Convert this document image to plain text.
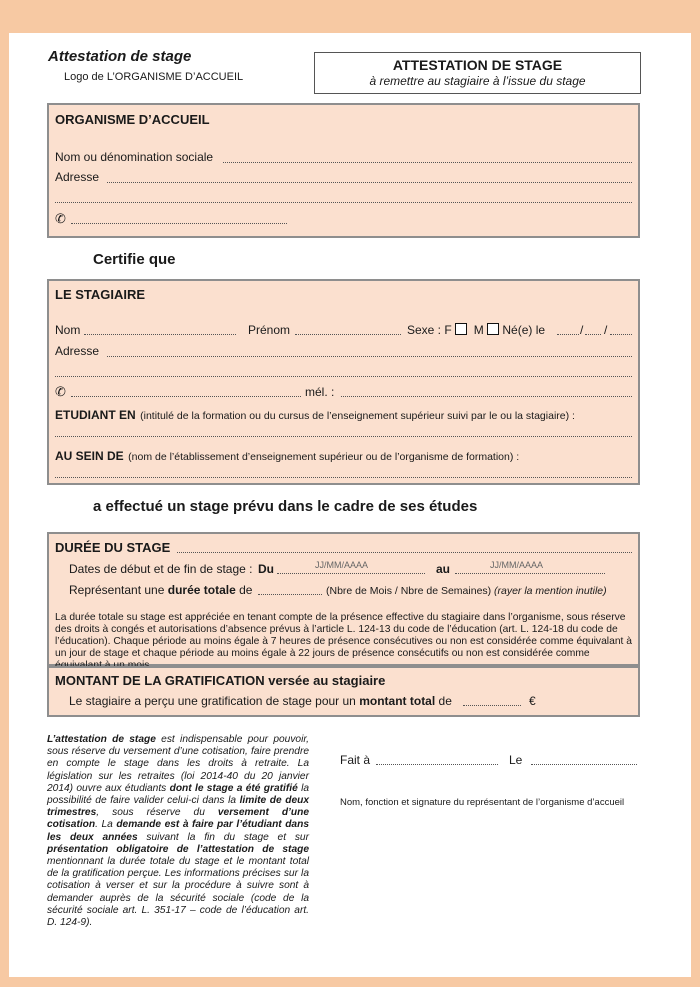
Attestation de stage
Logo de L’ORGANISME D’ACCUEIL
ATTESTATION DE STAGE
à remettre au stagiaire à l’issue du stage
ORGANISME D’ACCUEIL
Nom ou dénomination sociale
Adresse
✆
Certifie que
LE STAGIAIRE
Nom	Prénom	Sexe : F M Né(e) le	/ /
Adresse
✆	mél. :
ETUDIANT EN (intitulé de la formation ou du cursus de l’enseignement supérieur suivi par le ou la stagiaire) :
AU SEIN DE (nom de l’établissement d’enseignement supérieur ou de l’organisme de formation) :
a effectué un stage prévu dans le cadre de ses études
DURÉE DU STAGE
Dates de début et de fin de stage : Du	JJ/MM/AAAA	au	JJ/MM/AAAA
Représentant une durée totale de	(Nbre de Mois / Nbre de Semaines) (rayer la mention inutile)
La durée totale su stage est appréciée en tenant compte de la présence effective du stagiaire dans l’organisme, sous réserve des droits à congés et autorisations d’absence prévus à l’article L. 124-13 du code de l’éducation (art. L. 124-18 du code de l’éducation). Chaque période au moins égale à 7 heures de présence consécutives ou non est considérée comme équivalant à un jour de stage et chaque période au moins égale à 22 jours de présence consécutifs ou non est considérée comme
MONTANT DE LA GRATIFICATION versée au stagiaire
Le stagiaire a perçu une gratification de stage pour un montant total de	€
L’attestation de stage est indispensable pour pouvoir, sous réserve du versement d’une cotisation, faire prendre en compte le stage dans les droits à retraite. La législation sur les retraites (loi 2014-40 du 20 janvier 2014) ouvre aux étudiants dont le stage a été gratifié la possibilité de faire valider celui-ci dans la limite de deux trimestres, sous réserve du versement d’une cotisation. La demande est à faire par l’étudiant dans les deux années suivant la fin du stage et sur présentation obligatoire de l’attestation de stage mentionnant la durée totale du stage et le montant total de la gratification perçue. Les informations précises sur la cotisation à verser et sur la procédure à suivre sont à demander auprès de la sécurité sociale (code de la sécurité sociale art. L. 351-17 – code de l’éducation art. D. 124-9).
Fait à	Le
Nom, fonction et signature du représentant de l’organisme d’accueil
